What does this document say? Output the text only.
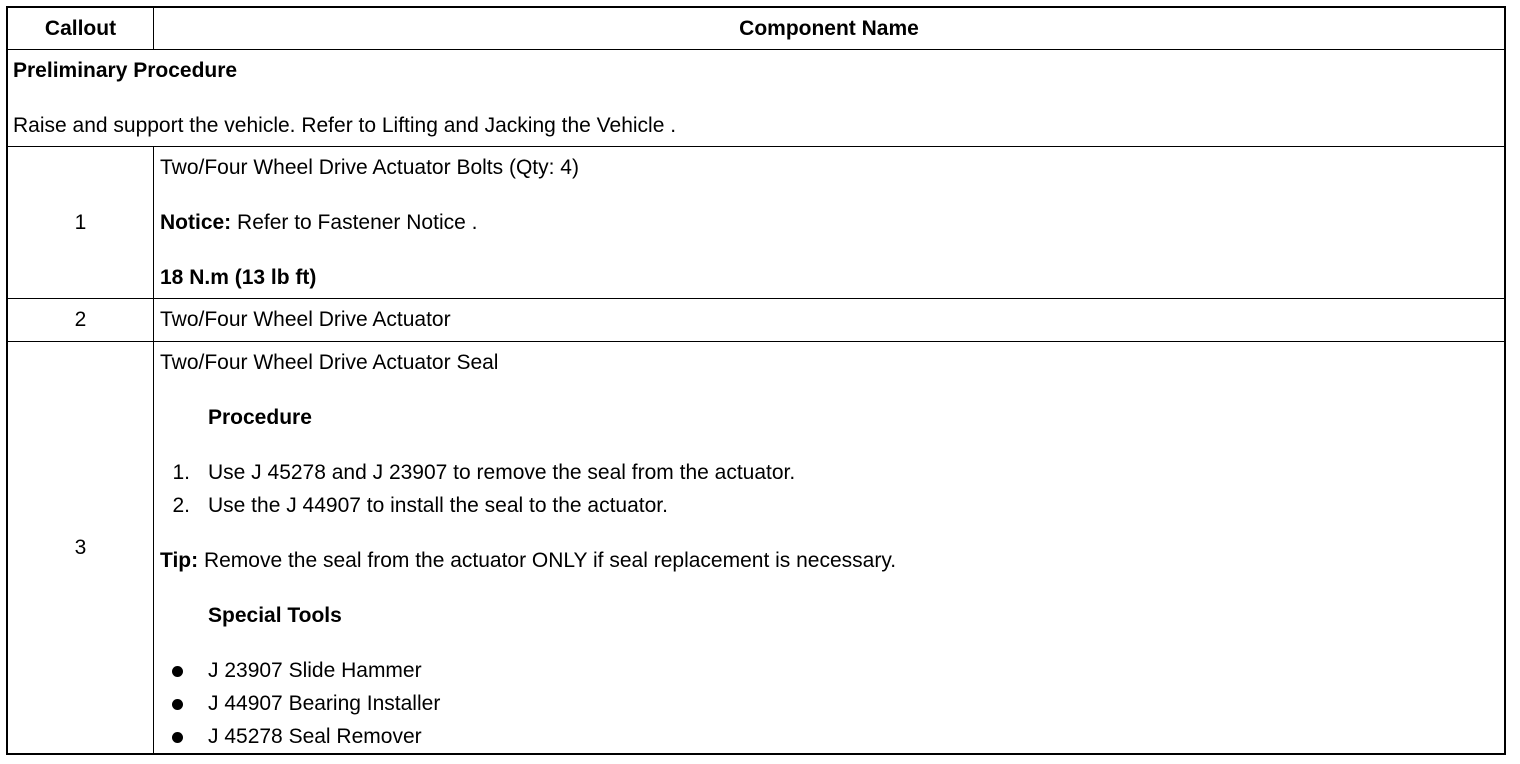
Callout	Component Name
Preliminary Procedure
Raise and support the vehicle. Refer to Lifting and Jacking the Vehicle .
1
Two/Four Wheel Drive Actuator Bolts (Qty: 4)
Notice: Refer to Fastener Notice .
18 N.m (13 lb ft)
2	Two/Four Wheel Drive Actuator
3
Two/Four Wheel Drive Actuator Seal
Procedure
1. Use J 45278 and J 23907 to remove the seal from the actuator.
2. Use the J 44907 to install the seal to the actuator.
Tip: Remove the seal from the actuator ONLY if seal replacement is necessary.
Special Tools
J 23907 Slide Hammer
J 44907 Bearing Installer
J 45278 Seal Remover
